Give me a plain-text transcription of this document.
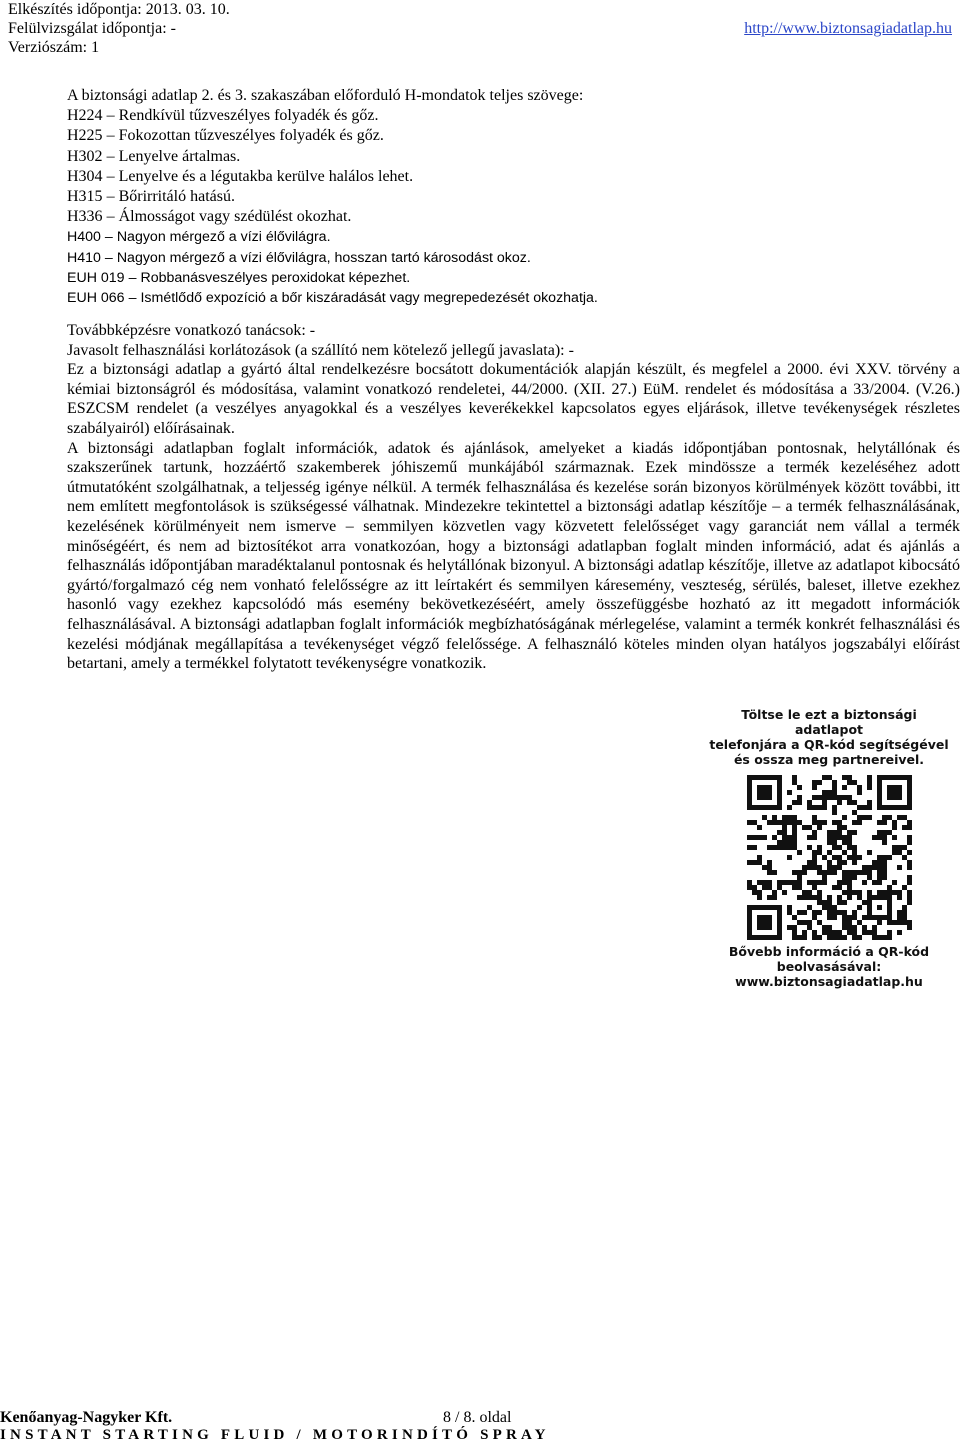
Elkészítés időpontja: 2013. 03. 10.
Felülvizsgálat időpontja: -	http://www.biztonsagiadatlap.hu
Verziószám: 1
A biztonsági adatlap 2. és 3. szakaszában előforduló H-mondatok teljes szövege:
H224 – Rendkívül tűzveszélyes folyadék és gőz.
H225 – Fokozottan tűzveszélyes folyadék és gőz.
H302 – Lenyelve ártalmas.
H304 – Lenyelve és a légutakba kerülve halálos lehet.
H315 – Bőrirritáló hatású.
H336 – Álmosságot vagy szédülést okozhat.
H400 – Nagyon mérgező a vízi élővilágra.
H410 – Nagyon mérgező a vízi élővilágra, hosszan tartó károsodást okoz.
EUH 019 – Robbanásveszélyes peroxidokat képezhet.
EUH 066 – Ismétlődő expozíció a bőr kiszáradását vagy megrepedezését okozhatja.

Továbbképzésre vonatkozó tanácsok: -

Javasolt felhasználási korlátozások (a szállító nem kötelező jellegű javaslata): -

Ez a biztonsági adatlap a gyártó által rendelkezésre bocsátott dokumentációk alapján készült, és megfelel a 2000. évi XXV. törvény a kémiai biztonságról és módosítása, valamint vonatkozó rendeletei, 44/2000. (XII. 27.) EüM. rendelet és módosítása a 33/2004. (V.26.) ESZCSM rendelet (a veszélyes anyagokkal és a veszélyes keverékekkel kapcsolatos egyes eljárások, illetve tevékenységek részletes szabályairól) előírásainak.

A biztonsági adatlapban foglalt információk, adatok és ajánlások, amelyeket a kiadás időpontjában pontosnak, helytállónak és szakszerűnek tartunk, hozzáértő szakemberek jóhiszemű munkájából származnak. Ezek mindössze a termék kezeléséhez adott útmutatóként szolgálhatnak, a teljesség igénye nélkül. A termék felhasználása és kezelése során bizonyos körülmények között további, itt nem említett megfontolások is szükségessé válhatnak. Mindezekre tekintettel a biztonsági adatlap készítője – a termék felhasználásának, kezelésének körülményeit nem ismerve – semmilyen közvetlen vagy közvetett felelősséget vagy garanciát nem vállal a termék minőségéért, és nem ad biztosítékot arra vonatkozóan, hogy a biztonsági adatlapban foglalt minden információ, adat és ajánlás a felhasználás időpontjában maradéktalanul pontosnak és helytállónak bizonyul. A biztonsági adatlap készítője, illetve az adatlapot kibocsátó gyártó/forgalmazó cég nem vonható felelősségre az itt leírtakért és semmilyen káresemény, veszteség, sérülés, baleset, illetve ezekhez hasonló vagy ezekhez kapcsolódó más esemény bekövetkezéséért, amely összefüggésbe hozható az itt megadott információk felhasználásával. A biztonsági adatlapban foglalt információk megbízhatóságának mérlegelése, valamint a termék konkrét felhasználási és kezelési módjának megállapítása a tevékenységet végző felelőssége. A felhasználó köteles minden olyan hatályos jogszabályi előírást betartani, amely a termékkel folytatott tevékenységre vonatkozik.

Töltse le ezt a biztonsági adatlapot
telefonjára a QR-kód segítségével
és ossza meg partnereivel.
Bővebb információ a QR-kód
beolvasásával:
www.biztonsagiadatlap.hu
Kenőanyag-Nagyker Kft.	8 / 8. oldal
INSTANT STARTING FLUID / MOTORINDÍTÓ SPRAY
